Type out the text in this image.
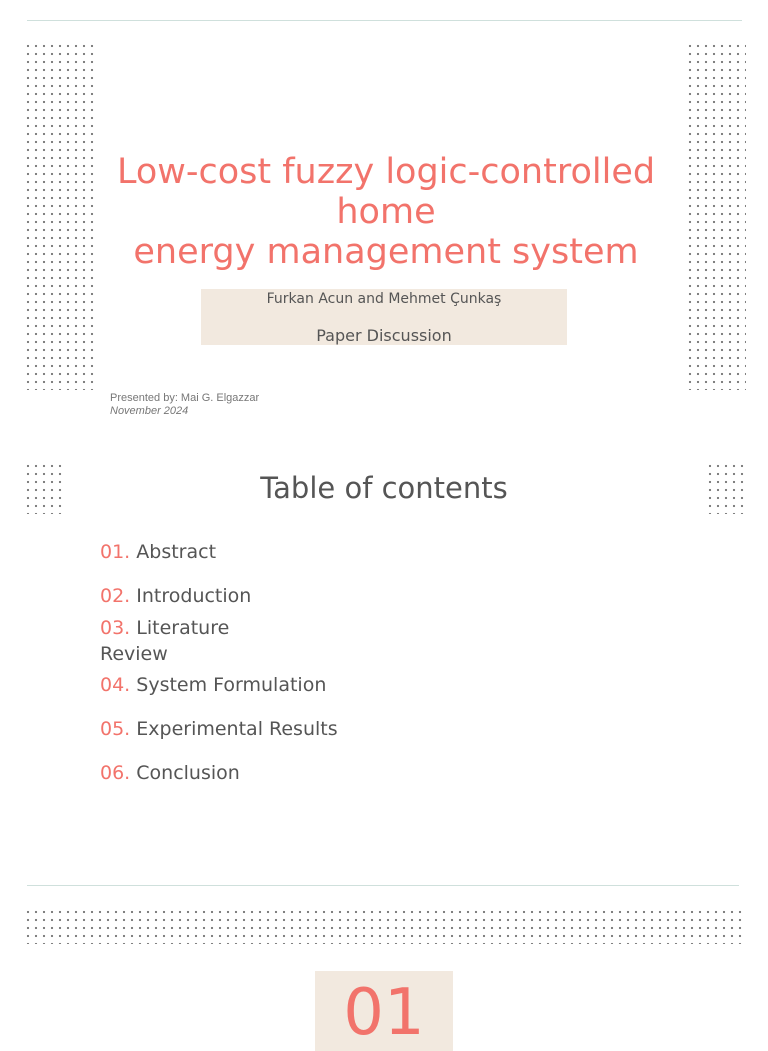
Low-cost fuzzy logic-controlled
home
energy management system
Furkan Acun and Mehmet Çunkaş
Paper Discussion
Presented by: Mai G. Elgazzar
November 2024
Table of contents
01. Abstract
02. Introduction
03. Literature Review
04. System Formulation
05. Experimental Results
06. Conclusion
01
